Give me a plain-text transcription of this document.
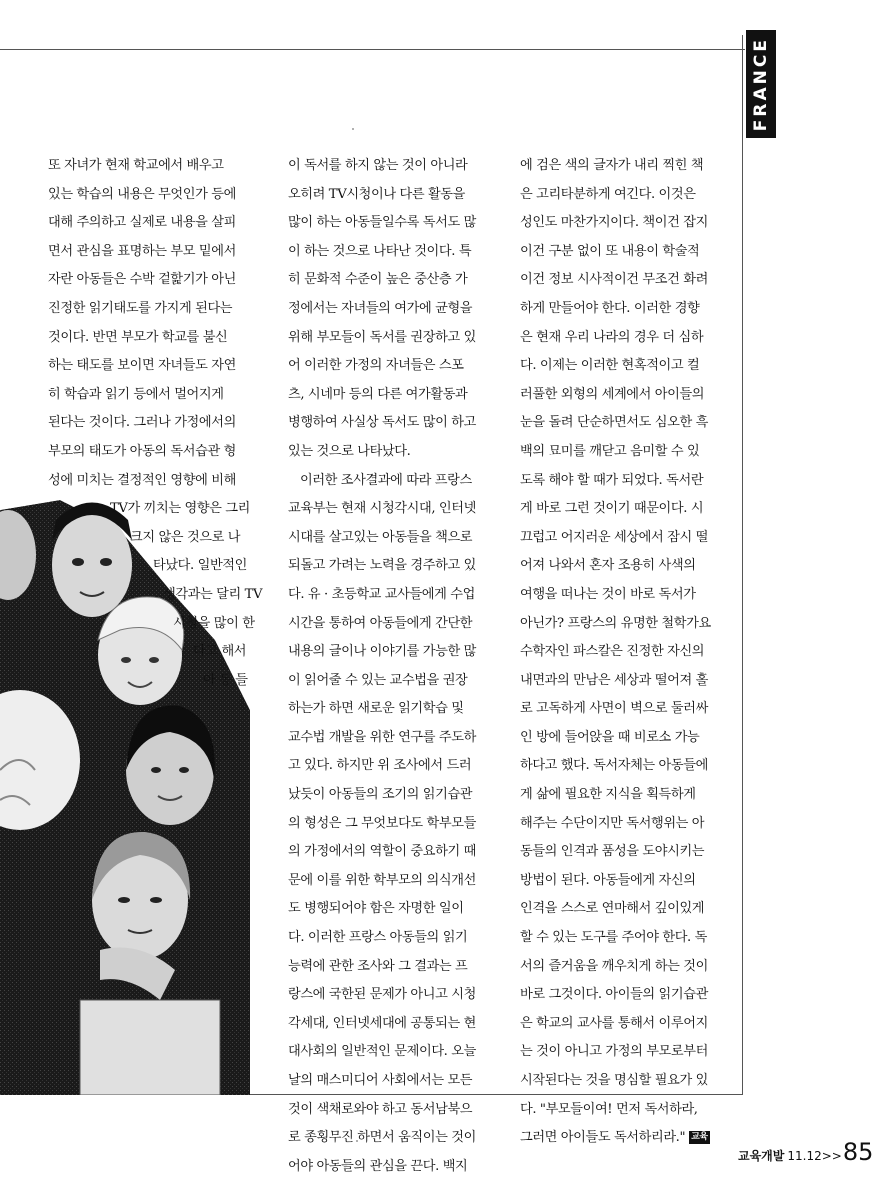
FRANCE
또 자녀가 현재 학교에서 배우고
있는 학습의 내용은 무엇인가 등에
대해 주의하고 실제로 내용을 살피
면서 관심을 표명하는 부모 밑에서
자란 아동들은 수박 겉핥기가 아닌
진정한 읽기태도를 가지게 된다는
것이다. 반면 부모가 학교를 불신
하는 태도를 보이면 자녀들도 자연
히 학습과 읽기 등에서 멀어지게
된다는 것이다. 그러나 가정에서의
부모의 태도가 아동의 독서습관 형
성에 미치는 결정적인 영향에 비해
TV가 끼치는 영향은 그리
크지 않은 것으로 나
타났다. 일반적인
생각과는 달리 TV
시청을 많이 한
다고 해서
아 동 들
이 독서를 하지 않는 것이 아니라
오히려 TV시청이나 다른 활동을
많이 하는 아동들일수록 독서도 많
이 하는 것으로 나타난 것이다. 특
히 문화적 수준이 높은 중산층 가
정에서는 자녀들의 여가에 균형을
위해 부모들이 독서를 권장하고 있
어 이러한 가정의 자녀들은 스포
츠, 시네마 등의 다른 여가활동과
병행하여 사실상 독서도 많이 하고
있는 것으로 나타났다.
이러한 조사결과에 따라 프랑스
교육부는 현재 시청각시대, 인터넷
시대를 살고있는 아동들을 책으로
되돌고 가려는 노력을 경주하고 있
다. 유 · 초등학교 교사들에게 수업
시간을 통하여 아동들에게 간단한
내용의 글이나 이야기를 가능한 많
이 읽어줄 수 있는 교수법을 권장
하는가 하면 새로운 읽기학습 및
교수법 개발을 위한 연구를 주도하
고 있다. 하지만 위 조사에서 드러
났듯이 아동들의 조기의 읽기습관
의 형성은 그 무엇보다도 학부모들
의 가정에서의 역할이 중요하기 때
문에 이를 위한 학부모의 의식개선
도 병행되어야 함은 자명한 일이
다. 이러한 프랑스 아동들의 읽기
능력에 관한 조사와 그 결과는 프
랑스에 국한된 문제가 아니고 시청
각세대, 인터넷세대에 공통되는 현
대사회의 일반적인 문제이다. 오늘
날의 매스미디어 사회에서는 모든
것이 색채로와야 하고 동서남북으
로 종횡무진 하면서 움직이는 것이
어야 아동들의 관심을 끈다. 백지
에 검은 색의 글자가 내리 찍힌 책
은 고리타분하게 여긴다. 이것은
성인도 마찬가지이다. 책이건 잡지
이건 구분 없이 또 내용이 학술적
이건 정보 시사적이건 무조건 화려
하게 만들어야 한다. 이러한 경향
은 현재 우리 나라의 경우 더 심하
다. 이제는 이러한 현혹적이고 컬
러풀한 외형의 세계에서 아이들의
눈을 돌려 단순하면서도 심오한 흑
백의 묘미를 깨닫고 음미할 수 있
도록 해야 할 때가 되었다. 독서란
게 바로 그런 것이기 때문이다. 시
끄럽고 어지러운 세상에서 잠시 떨
어져 나와서 혼자 조용히 사색의
여행을 떠나는 것이 바로 독서가
아닌가? 프랑스의 유명한 철학가요
수학자인 파스칼은 진정한 자신의
내면과의 만남은 세상과 떨어져 홀
로 고독하게 사면이 벽으로 둘러싸
인 방에 들어앉을 때 비로소 가능
하다고 했다. 독서자체는 아동들에
게 삶에 필요한 지식을 획득하게
해주는 수단이지만 독서행위는 아
동들의 인격과 품성을 도야시키는
방법이 된다. 아동들에게 자신의
인격을 스스로 연마해서 깊이있게
할 수 있는 도구를 주어야 한다. 독
서의 즐거움을 깨우치게 하는 것이
바로 그것이다. 아이들의 읽기습관
은 학교의 교사를 통해서 이루어지
는 것이 아니고 가정의 부모로부터
시작된다는 것을 명심할 필요가 있
다. "부모들이여! 먼저 독서하라,
그러면 아이들도 독서하리라." 교육
교육개발 11.12>> 85
